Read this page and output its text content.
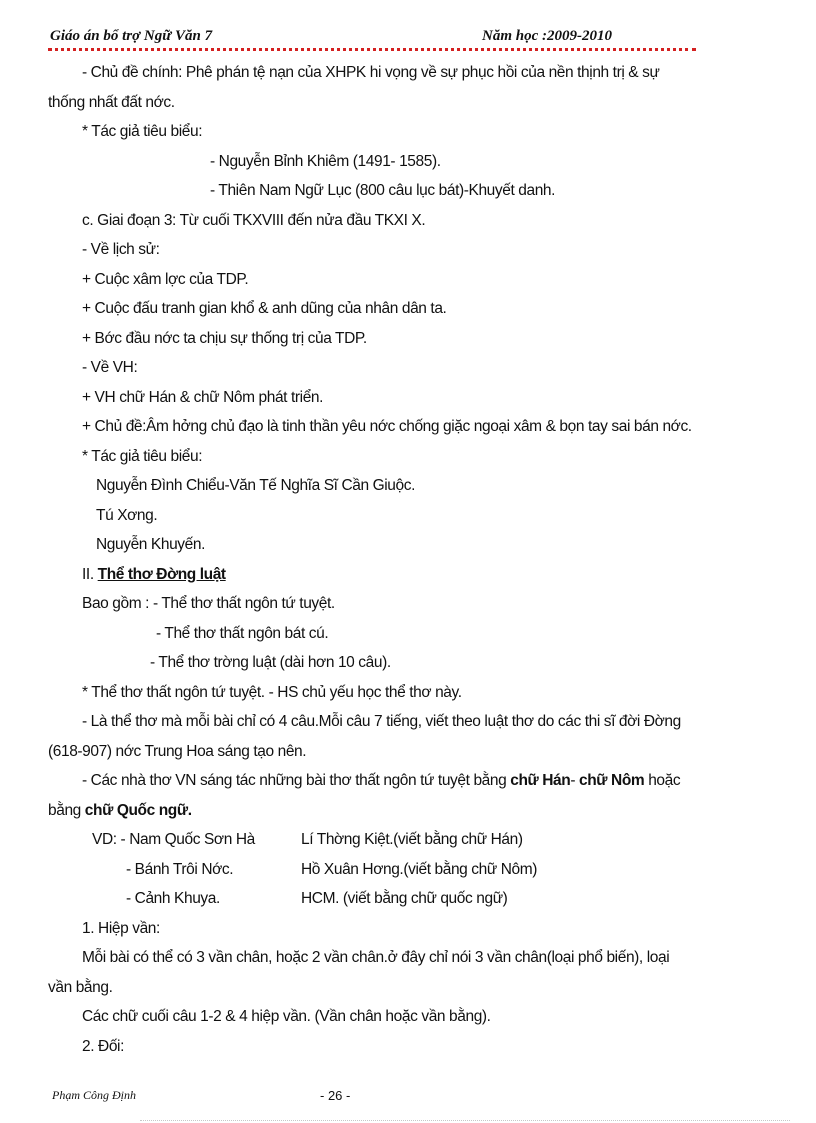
Giáo án bổ trợ Ngữ Văn 7	Năm học :2009-2010

- Chủ đề chính: Phê phán tệ nạn của XHPK hi vọng về sự phục hồi của nền thịnh trị & sự thống nhất đất nớc.

* Tác giả tiêu biểu:

- Nguyễn Bỉnh Khiêm (1491- 1585).

- Thiên Nam Ngữ Lục (800 câu lục bát)-Khuyết danh.

c. Giai đoạn 3: Từ cuối TKXVIII đến nửa đầu TKXI X.

- Về lịch sử:

+ Cuộc xâm lợc của TDP.

+ Cuộc đấu tranh gian khổ & anh dũng của nhân dân ta.

+ Bớc đầu nớc ta chịu sự thống trị của TDP.

- Về VH:

+ VH chữ Hán & chữ Nôm phát triển.

+ Chủ đề:Âm hởng chủ đạo là tinh thần yêu nớc chống giặc ngoại xâm & bọn tay sai bán nớc.

* Tác giả tiêu biểu:

Nguyễn Đình Chiểu-Văn Tế Nghĩa Sĩ Cần Giuộc.

Tú Xơng.

Nguyễn Khuyến.

II. Thể thơ Đờng luật

Bao gồm : - Thể thơ thất ngôn tứ tuyệt.

- Thể thơ thất ngôn bát cú.

- Thể thơ trờng luật (dài hơn 10 câu).

* Thể thơ thất ngôn tứ tuyệt. - HS chủ yếu học thể thơ này.

- Là thể thơ mà mỗi bài chỉ có 4 câu.Mỗi câu 7 tiếng, viết theo luật thơ do các thi sĩ đời Đờng (618-907) nớc Trung Hoa sáng tạo nên.

- Các nhà thơ VN sáng tác những bài thơ thất ngôn tứ tuyệt bằng chữ Hán- chữ Nôm hoặc bằng chữ Quốc ngữ.

VD: - Nam Quốc Sơn Hà	Lí Thờng Kiệt.(viết bằng chữ Hán)
- Bánh Trôi Nớc.	Hồ Xuân Hơng.(viết bằng chữ Nôm)
- Cảnh Khuya.	HCM. (viết bằng chữ quốc ngữ)

1. Hiệp vần:

Mỗi bài có thể có 3 vần chân, hoặc 2 vần chân.ở đây chỉ nói 3 vần chân(loại phổ biến), loại vần bằng.

Các chữ cuối câu 1-2 & 4 hiệp vần. (Vần chân hoặc vần bằng).

2. Đối:

Phạm Công Định	- 26 -
